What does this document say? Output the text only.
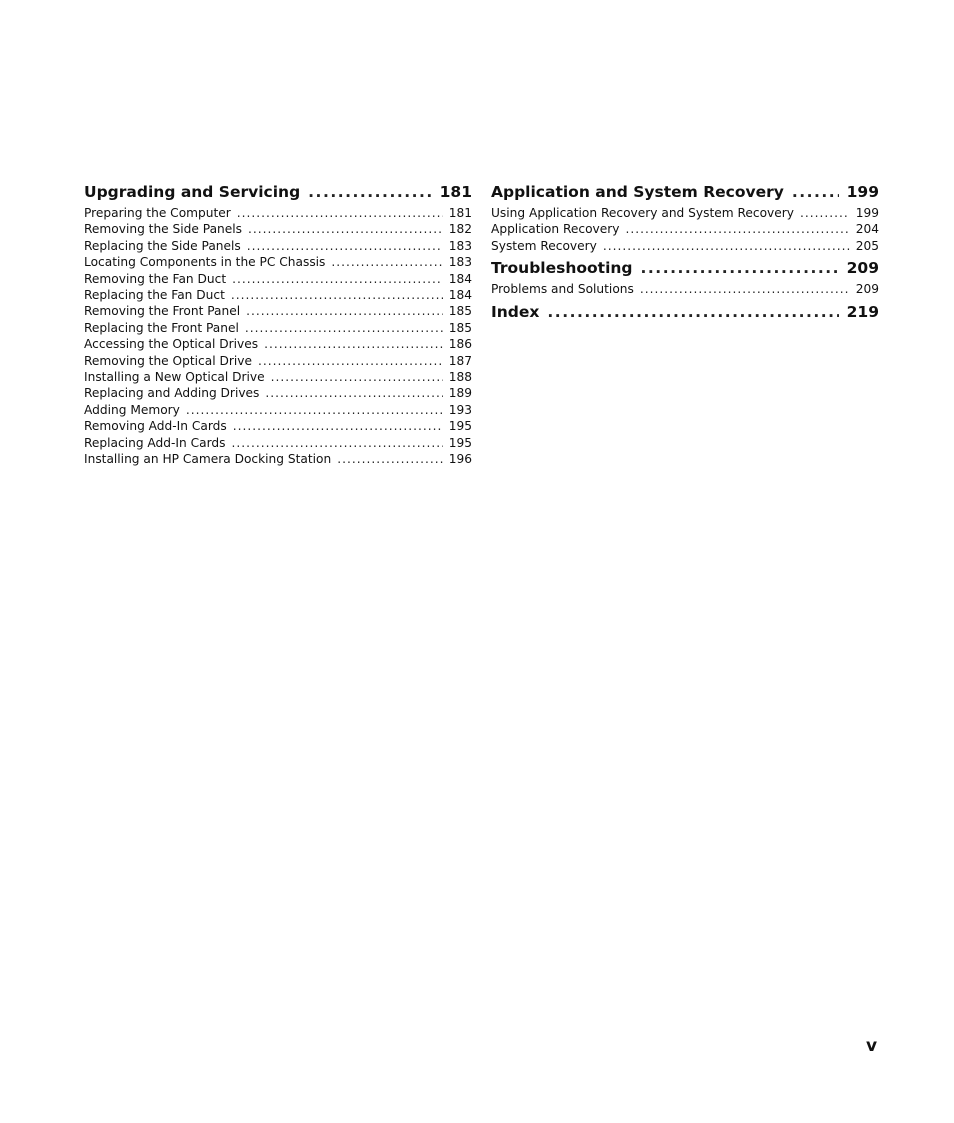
Upgrading and Servicing .....	181
Preparing the Computer .....	181
Removing the Side Panels .....	182
Replacing the Side Panels .....	183
Locating Components in the PC Chassis .....	183
Removing the Fan Duct .....	184
Replacing the Fan Duct .....	184
Removing the Front Panel .....	185
Replacing the Front Panel .....	185
Accessing the Optical Drives .....	186
Removing the Optical Drive .....	187
Installing a New Optical Drive .....	188
Replacing and Adding Drives .....	189
Adding Memory .....	193
Removing Add-In Cards .....	195
Replacing Add-In Cards .....	195
Installing an HP Camera Docking Station .....	196
Application and System Recovery .....	199
Using Application Recovery and System Recovery .....	199
Application Recovery .....	204
System Recovery .....	205
Troubleshooting .....	209
Problems and Solutions .....	209
Index .....	219
v
